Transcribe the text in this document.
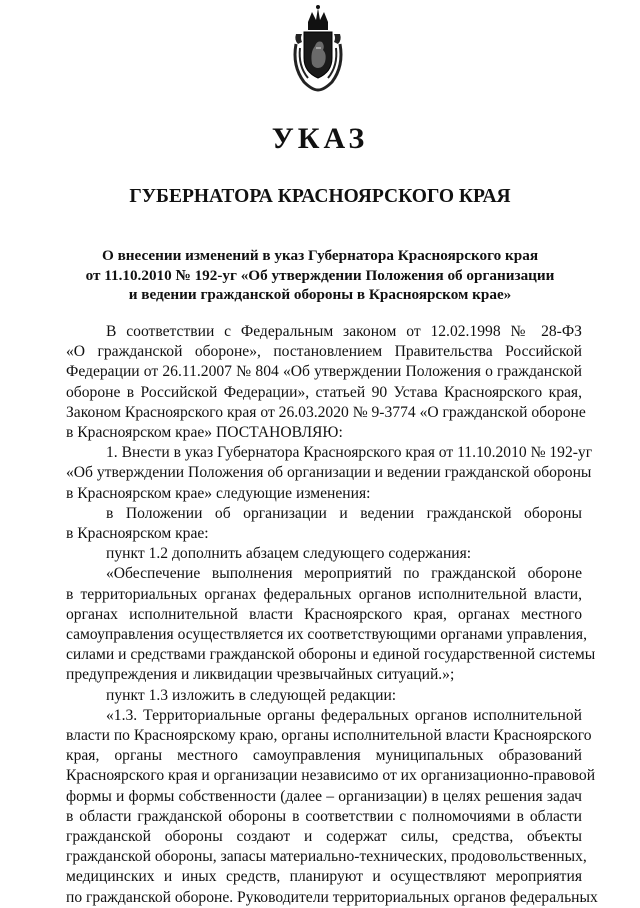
УКАЗ
ГУБЕРНАТОРА КРАСНОЯРСКОГО КРАЯ
О внесении изменений в указ Губернатора Красноярского края
от 11.10.2010 № 192-уг «Об утверждении Положения об организации
и ведении гражданской обороны в Красноярском крае»
В соответствии с Федеральным законом от 12.02.1998 № 28-ФЗ
«О гражданской обороне», постановлением Правительства Российской
Федерации от 26.11.2007 № 804 «Об утверждении Положения о гражданской
обороне в Российской Федерации», статьей 90 Устава Красноярского края,
Законом Красноярского края от 26.03.2020 № 9-3774 «О гражданской обороне
в Красноярском крае» ПОСТАНОВЛЯЮ:
1. Внести в указ Губернатора Красноярского края от 11.10.2010 № 192-уг
«Об утверждении Положения об организации и ведении гражданской обороны
в Красноярском крае» следующие изменения:
в Положении об организации и ведении гражданской обороны
в Красноярском крае:
пункт 1.2 дополнить абзацем следующего содержания:
«Обеспечение выполнения мероприятий по гражданской обороне
в территориальных органах федеральных органов исполнительной власти,
органах исполнительной власти Красноярского края, органах местного
самоуправления осуществляется их соответствующими органами управления,
силами и средствами гражданской обороны и единой государственной системы
предупреждения и ликвидации чрезвычайных ситуаций.»;
пункт 1.3 изложить в следующей редакции:
«1.3. Территориальные органы федеральных органов исполнительной
власти по Красноярскому краю, органы исполнительной власти Красноярского
края, органы местного самоуправления муниципальных образований
Красноярского края и организации независимо от их организационно-правовой
формы и формы собственности (далее – организации) в целях решения задач
в области гражданской обороны в соответствии с полномочиями в области
гражданской обороны создают и содержат силы, средства, объекты
гражданской обороны, запасы материально-технических, продовольственных,
медицинских и иных средств, планируют и осуществляют мероприятия
по гражданской обороне. Руководители территориальных органов федеральных
